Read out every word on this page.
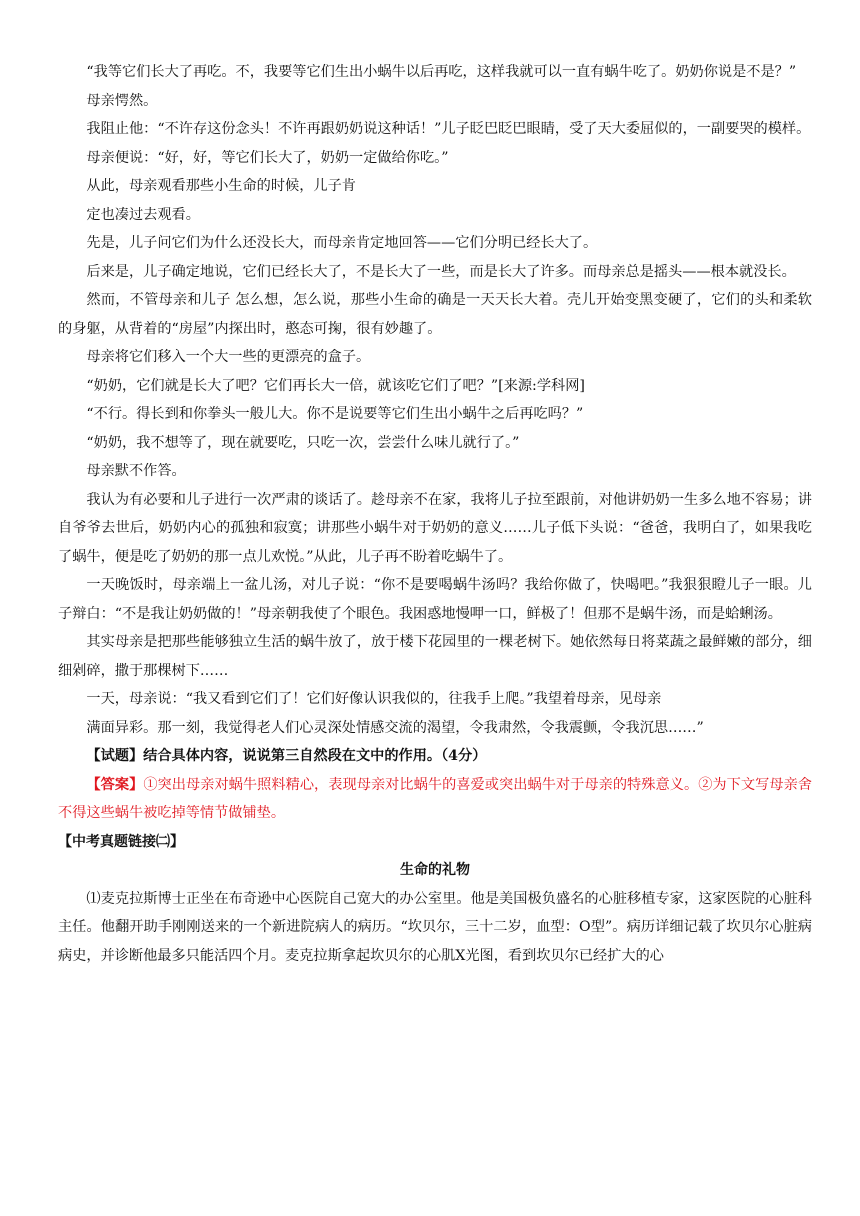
“我等它们长大了再吃。不，我要等它们生出小蜗牛以后再吃，这样我就可以一直有蜗牛吃了。奶奶你说是不是？”

母亲愕然。

我阻止他：“不许存这份念头！不许再跟奶奶说这种话！”儿子眨巴眨巴眼睛，受了天大委屈似的，一副要哭的模样。

母亲便说：“好，好，等它们长大了，奶奶一定做给你吃。”

从此，母亲观看那些小生命的时候，儿子肯

定也凑过去观看。

先是，儿子问它们为什么还没长大，而母亲肯定地回答——它们分明已经长大了。

后来是，儿子确定地说，它们已经长大了，不是长大了一些，而是长大了许多。而母亲总是摇头——根本就没长。

然而，不管母亲和儿子 怎么想，怎么说，那些小生命的确是一天天长大着。壳儿开始变黑变硬了，它们的头和柔软的身躯，从背着的“房屋”内探出时，憨态可掬，很有妙趣了。

母亲将它们移入一个大一些的更漂亮的盒子。

“奶奶，它们就是长大了吧？它们再长大一倍，就该吃它们了吧？”[来源:学科网]

“不行。得长到和你拳头一般儿大。你不是说要等它们生出小蜗牛之后再吃吗？”

“奶奶，我不想等了，现在就要吃，只吃一次，尝尝什么味儿就行了。”

母亲默不作答。

我认为有必要和儿子进行一次严肃的谈话了。趁母亲不在家，我将儿子拉至跟前，对他讲奶奶一生多么地不容易；讲自爷爷去世后，奶奶内心的孤独和寂寞；讲那些小蜗牛对于奶奶的意义……儿子低下头说：“爸爸，我明白了，如果我吃了蜗牛，便是吃了奶奶的那一点儿欢悦。”从此，儿子再不盼着吃蜗牛了。

一天晚饭时，母亲端上一盆儿汤，对儿子说：“你不是要喝蜗牛汤吗？我给你做了，快喝吧。”我狠狠瞪儿子一眼。儿子辩白：“不是我让奶奶做的！”母亲朝我使了个眼色。我困惑地慢呷一口，鲜极了！但那不是蜗牛汤，而是蛤蜊汤。

其实母亲是把那些能够独立生活的蜗牛放了，放于楼下花园里的一棵老树下。她依然每日将菜蔬之最鲜嫩的部分，细细剁碎，撒于那棵树下……

一天，母亲说：“我又看到它们了！它们好像认识我似的，往我手上爬。”我望着母亲，见母亲

满面异彩。那一刻，我觉得老人们心灵深处情感交流的渴望，令我肃然，令我震颤，令我沉思……”

【试题】结合具体内容，说说第三自然段在文中的作用。（4分）

【答案】①突出母亲对蜗牛照料精心，表现母亲对比蜗牛的喜爱或突出蜗牛对于母亲的特殊意义。②为下文写母亲舍不得这些蜗牛被吃掉等情节做铺垫。

【中考真题链接㈡】

生命的礼物

⑴麦克拉斯博士正坐在布奇逊中心医院自己宽大的办公室里。他是美国极负盛名的心脏移植专家，这家医院的心脏科主任。他翻开助手刚刚送来的一个新进院病人的病历。“坎贝尔，三十二岁，血型：O型”。病历详细记载了坎贝尔心脏病病史，并诊断他最多只能活四个月。麦克拉斯拿起坎贝尔的心肌X光图，看到坎贝尔已经扩大的心
